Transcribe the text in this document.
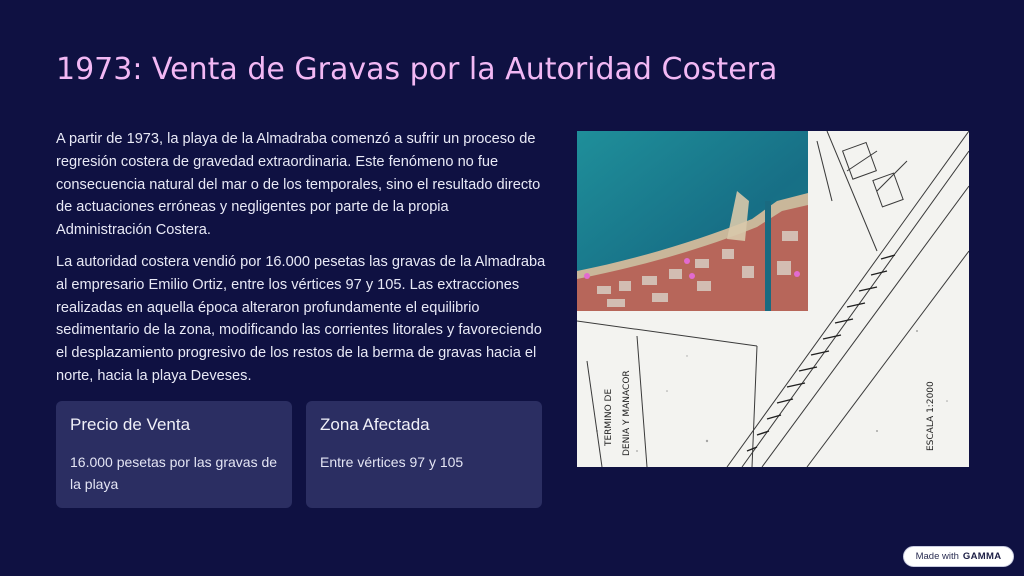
1973: Venta de Gravas por la Autoridad Costera

A partir de 1973, la playa de la Almadraba comenzó a sufrir un proceso de regresión costera de gravedad extraordinaria. Este fenómeno no fue consecuencia natural del mar o de los temporales, sino el resultado directo de actuaciones erróneas y negligentes por parte de la propia Administración Costera.

La autoridad costera vendió por 16.000 pesetas las gravas de la Almadraba al empresario Emilio Ortiz, entre los vértices 97 y 105. Las extracciones realizadas en aquella época alteraron profundamente el equilibrio sedimentario de la zona, modificando las corrientes litorales y favoreciendo el desplazamiento progresivo de los restos de la berma de gravas hacia el norte, hacia la playa Deveses.

Precio de Venta

16.000 pesetas por las gravas de la playa

Zona Afectada

Entre vértices 97 y 105

TERMINO DE DENIA Y MANACOR	ESCALA 1:2000
Made with GAMMA
